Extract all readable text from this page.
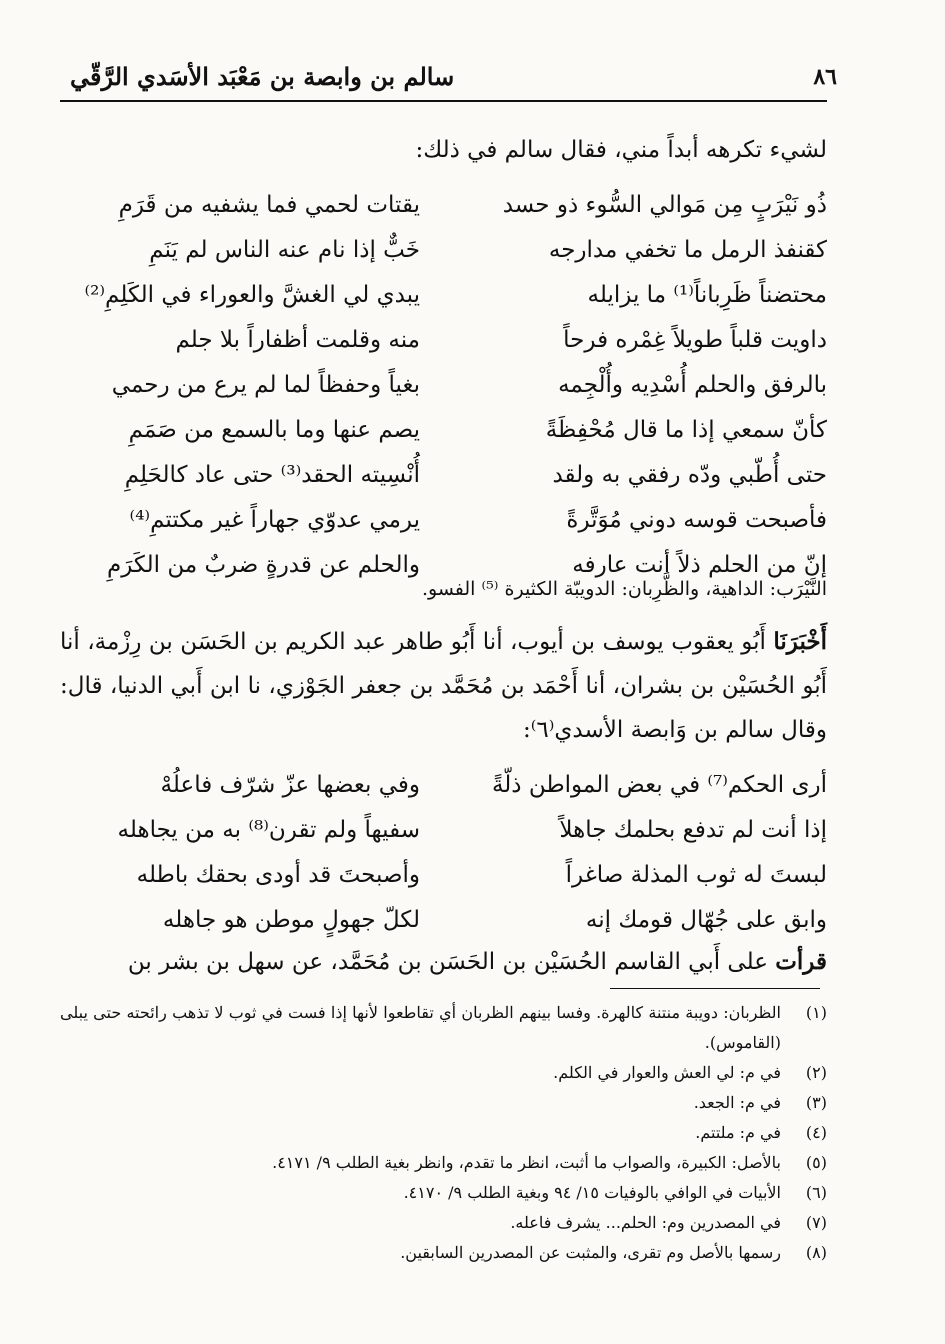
٨٦
سالم بن وابصة بن مَعْبَد الأسَدي الرَّقّي
لشيء تكرهه أبداً مني، فقال سالم في ذلك:
ذُو نَيْرَبٍ مِن مَوالي السُّوء ذو حسد
يقتات لحمي فما يشفيه من قَرَمِ
كقنفذ الرمل ما تخفي مدارجه
خَبٌّ إذا نام عنه الناس لم يَنَمِ
محتضناً ظَرِباناً⁽¹⁾ ما يزايله
يبدي لي الغشَّ والعوراء في الكَلِمِ⁽²⁾
داويت قلباً طويلاً غِمْره فرحاً
منه وقلمت أظفاراً بلا جلم
بالرفق والحلم أُسْدِيه وأُلْجِمه
بغياً وحفظاً لما لم يرع من رحمي
كأنّ سمعي إذا ما قال مُحْفِظَةً
يصم عنها وما بالسمع من صَمَمِ
حتى أُطّبي ودّه رفقي به ولقد
أُنْسِيته الحقد⁽³⁾ حتى عاد كالحَلِمِ
فأصبحت قوسه دوني مُوَتَّرةً
يرمي عدوّي جهاراً غير مكتتمِ⁽⁴⁾
إنّ من الحلم ذلاً أنت عارفه
والحلم عن قدرةٍ ضربٌ من الكَرَمِ
النَّيْرَب: الداهية، والظَّرِبان: الدويبّة الكثيرة ⁽⁵⁾ الفسو.
أَخْبَرَنَا أَبُو يعقوب يوسف بن أيوب، أنا أَبُو طاهر عبد الكريم بن الحَسَن بن رِزْمة، أنا أَبُو الحُسَيْن بن بشران، أنا أَحْمَد بن مُحَمَّد بن جعفر الجَوْزي، نا ابن أَبي الدنيا، قال: وقال سالم بن وَابصة الأسدي⁽٦⁾:
أرى الحكم⁽⁷⁾ في بعض المواطن ذلّةً
وفي بعضها عزّ شرّف فاعلُهْ
إذا أنت لم تدفع بحلمك جاهلاً
سفيهاً ولم تقرن⁽⁸⁾ به من يجاهله
لبستَ له ثوب المذلة صاغراً
وأصبحتَ قد أودى بحقك باطله
وابق على جُهّال قومك إنه
لكلّ جهولٍ موطن هو جاهله
قرأت على أَبي القاسم الحُسَيْن بن الحَسَن بن مُحَمَّد، عن سهل بن بشر بن
(١)
الظربان: دويبة منتنة كالهرة. وفسا بينهم الظربان أي تقاطعوا لأنها إذا فست في ثوب لا تذهب رائحته حتى يبلى (القاموس).
(٢)
في م: لي العش والعوار في الكلم.
(٣)
في م: الجعد.
(٤)
في م: ملتتم.
(٥)
بالأصل: الكبيرة، والصواب ما أثبت، انظر ما تقدم، وانظر بغية الطلب ٩/ ٤١٧١.
(٦)
الأبيات في الوافي بالوفيات ١٥/ ٩٤ وبغية الطلب ٩/ ٤١٧٠.
(٧)
في المصدرين وم: الحلم... يشرف فاعله.
(٨)
رسمها بالأصل وم تقرى، والمثبت عن المصدرين السابقين.
